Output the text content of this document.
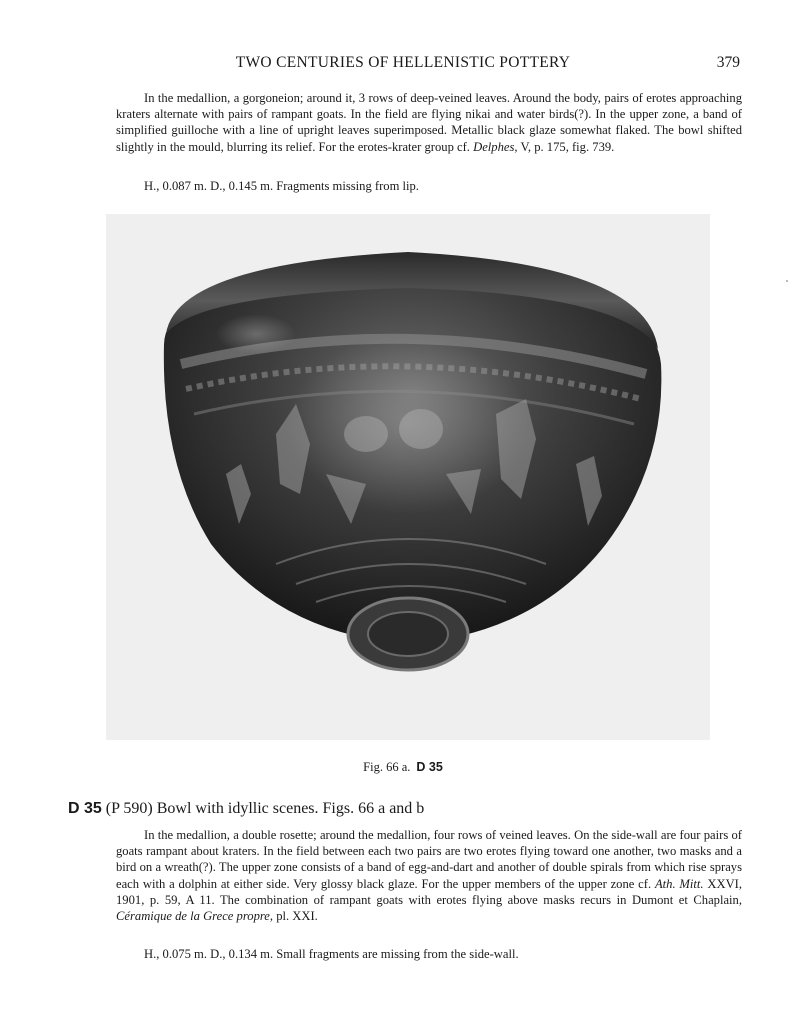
TWO CENTURIES OF HELLENISTIC POTTERY	379

In the medallion, a gorgoneion; around it, 3 rows of deep-veined leaves. Around the body, pairs of erotes approaching kraters alternate with pairs of rampant goats. In the field are flying nikai and water birds(?). In the upper zone, a band of simplified guilloche with a line of upright leaves superimposed. Metallic black glaze somewhat flaked. The bowl shifted slightly in the mould, blurring its relief. For the erotes-krater group cf. Delphes, V, p. 175, fig. 739.

H., 0.087 m. D., 0.145 m. Fragments missing from lip.
Fig. 66 a. D 35
D 35 (P 590) Bowl with idyllic scenes. Figs. 66 a and b

In the medallion, a double rosette; around the medallion, four rows of veined leaves. On the side-wall are four pairs of goats rampant about kraters. In the field between each two pairs are two erotes flying toward one another, two masks and a bird on a wreath(?). The upper zone consists of a band of egg-and-dart and another of double spirals from which rise sprays each with a dolphin at either side. Very glossy black glaze. For the upper members of the upper zone cf. Ath. Mitt. XXVI, 1901, p. 59, A 11. The combination of rampant goats with erotes flying above masks recurs in Dumont et Chaplain, Céramique de la Grece propre, pl. XXI.

H., 0.075 m. D., 0.134 m. Small fragments are missing from the side-wall.
